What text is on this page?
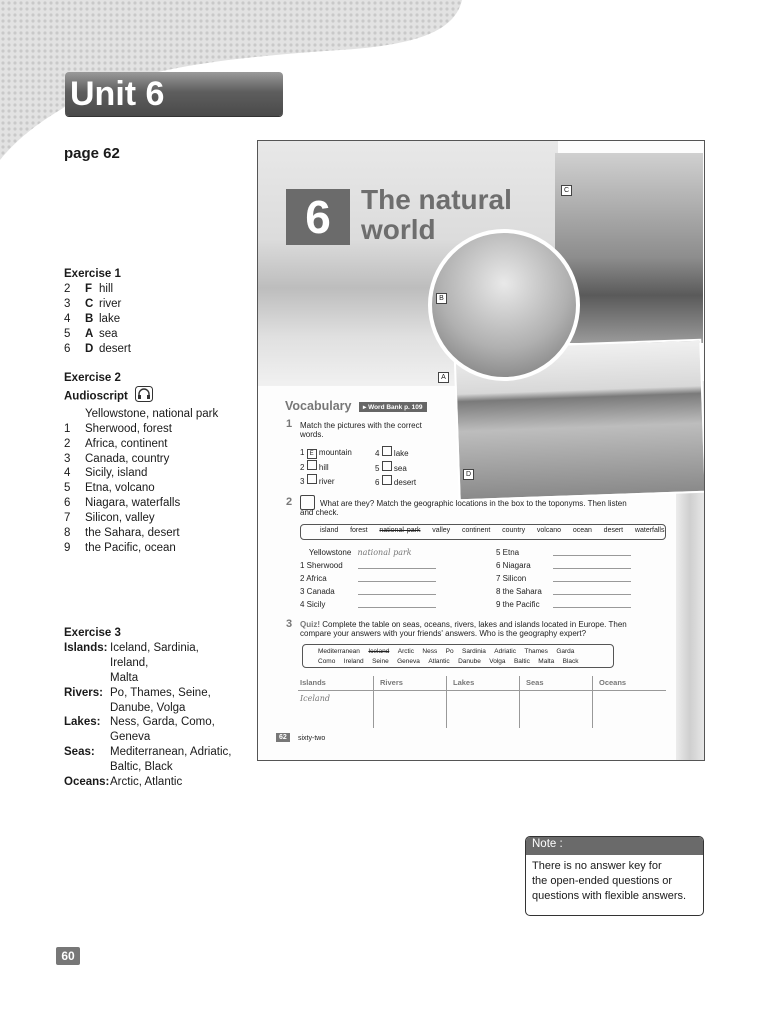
Unit 6
page 62
Exercise 1
2	F hill
3	C river
4	B lake
5	A sea
6	D desert
Exercise 2
Audioscript
Yellowstone, national park
1	Sherwood, forest
2	Africa, continent
3	Canada, country
4	Sicily, island
5	Etna, volcano
6	Niagara, waterfalls
7	Silicon, valley
8	the Sahara, desert
9	the Pacific, ocean
Exercise 3
Islands: Iceland, Sardinia, Ireland,
Malta
Rivers: Po, Thames, Seine,
Danube, Volga
Lakes: Ness, Garda, Como, Geneva
Seas:	Mediterranean, Adriatic,
Baltic, Black
Oceans: Arctic, Atlantic
6	The natural
world
A
B
C
D
Vocabulary	▸ Word Bank p. 109
1 Match the pictures with the correct
words.
1 E mountain
2 hill
3 river
4 lake
5 sea
6 desert
2	What are they? Match the geographic locations in the box to the toponyms. Then listen
and check.
island forest national park valley continent country volcano ocean desert waterfalls
Yellowstone national park
1 Sherwood
2 Africa
3 Canada
4 Sicily
5 Etna
6 Niagara
7 Silicon
8 the Sahara
9 the Pacific
3 Quiz! Complete the table on seas, oceans, rivers, lakes and islands located in Europe. Then
compare your answers with your friends' answers. Who is the geography expert?
Mediterranean Iceland Arctic Ness Po Sardinia Adriatic Thames Garda
Como Ireland Seine Geneva Atlantic Danube Volga Baltic Malta Black
Islands	Rivers	Lakes	Seas	Oceans
Iceland
62	sixty-two
Note :
There is no answer key for
the open-ended questions or
questions with flexible answers.
60
